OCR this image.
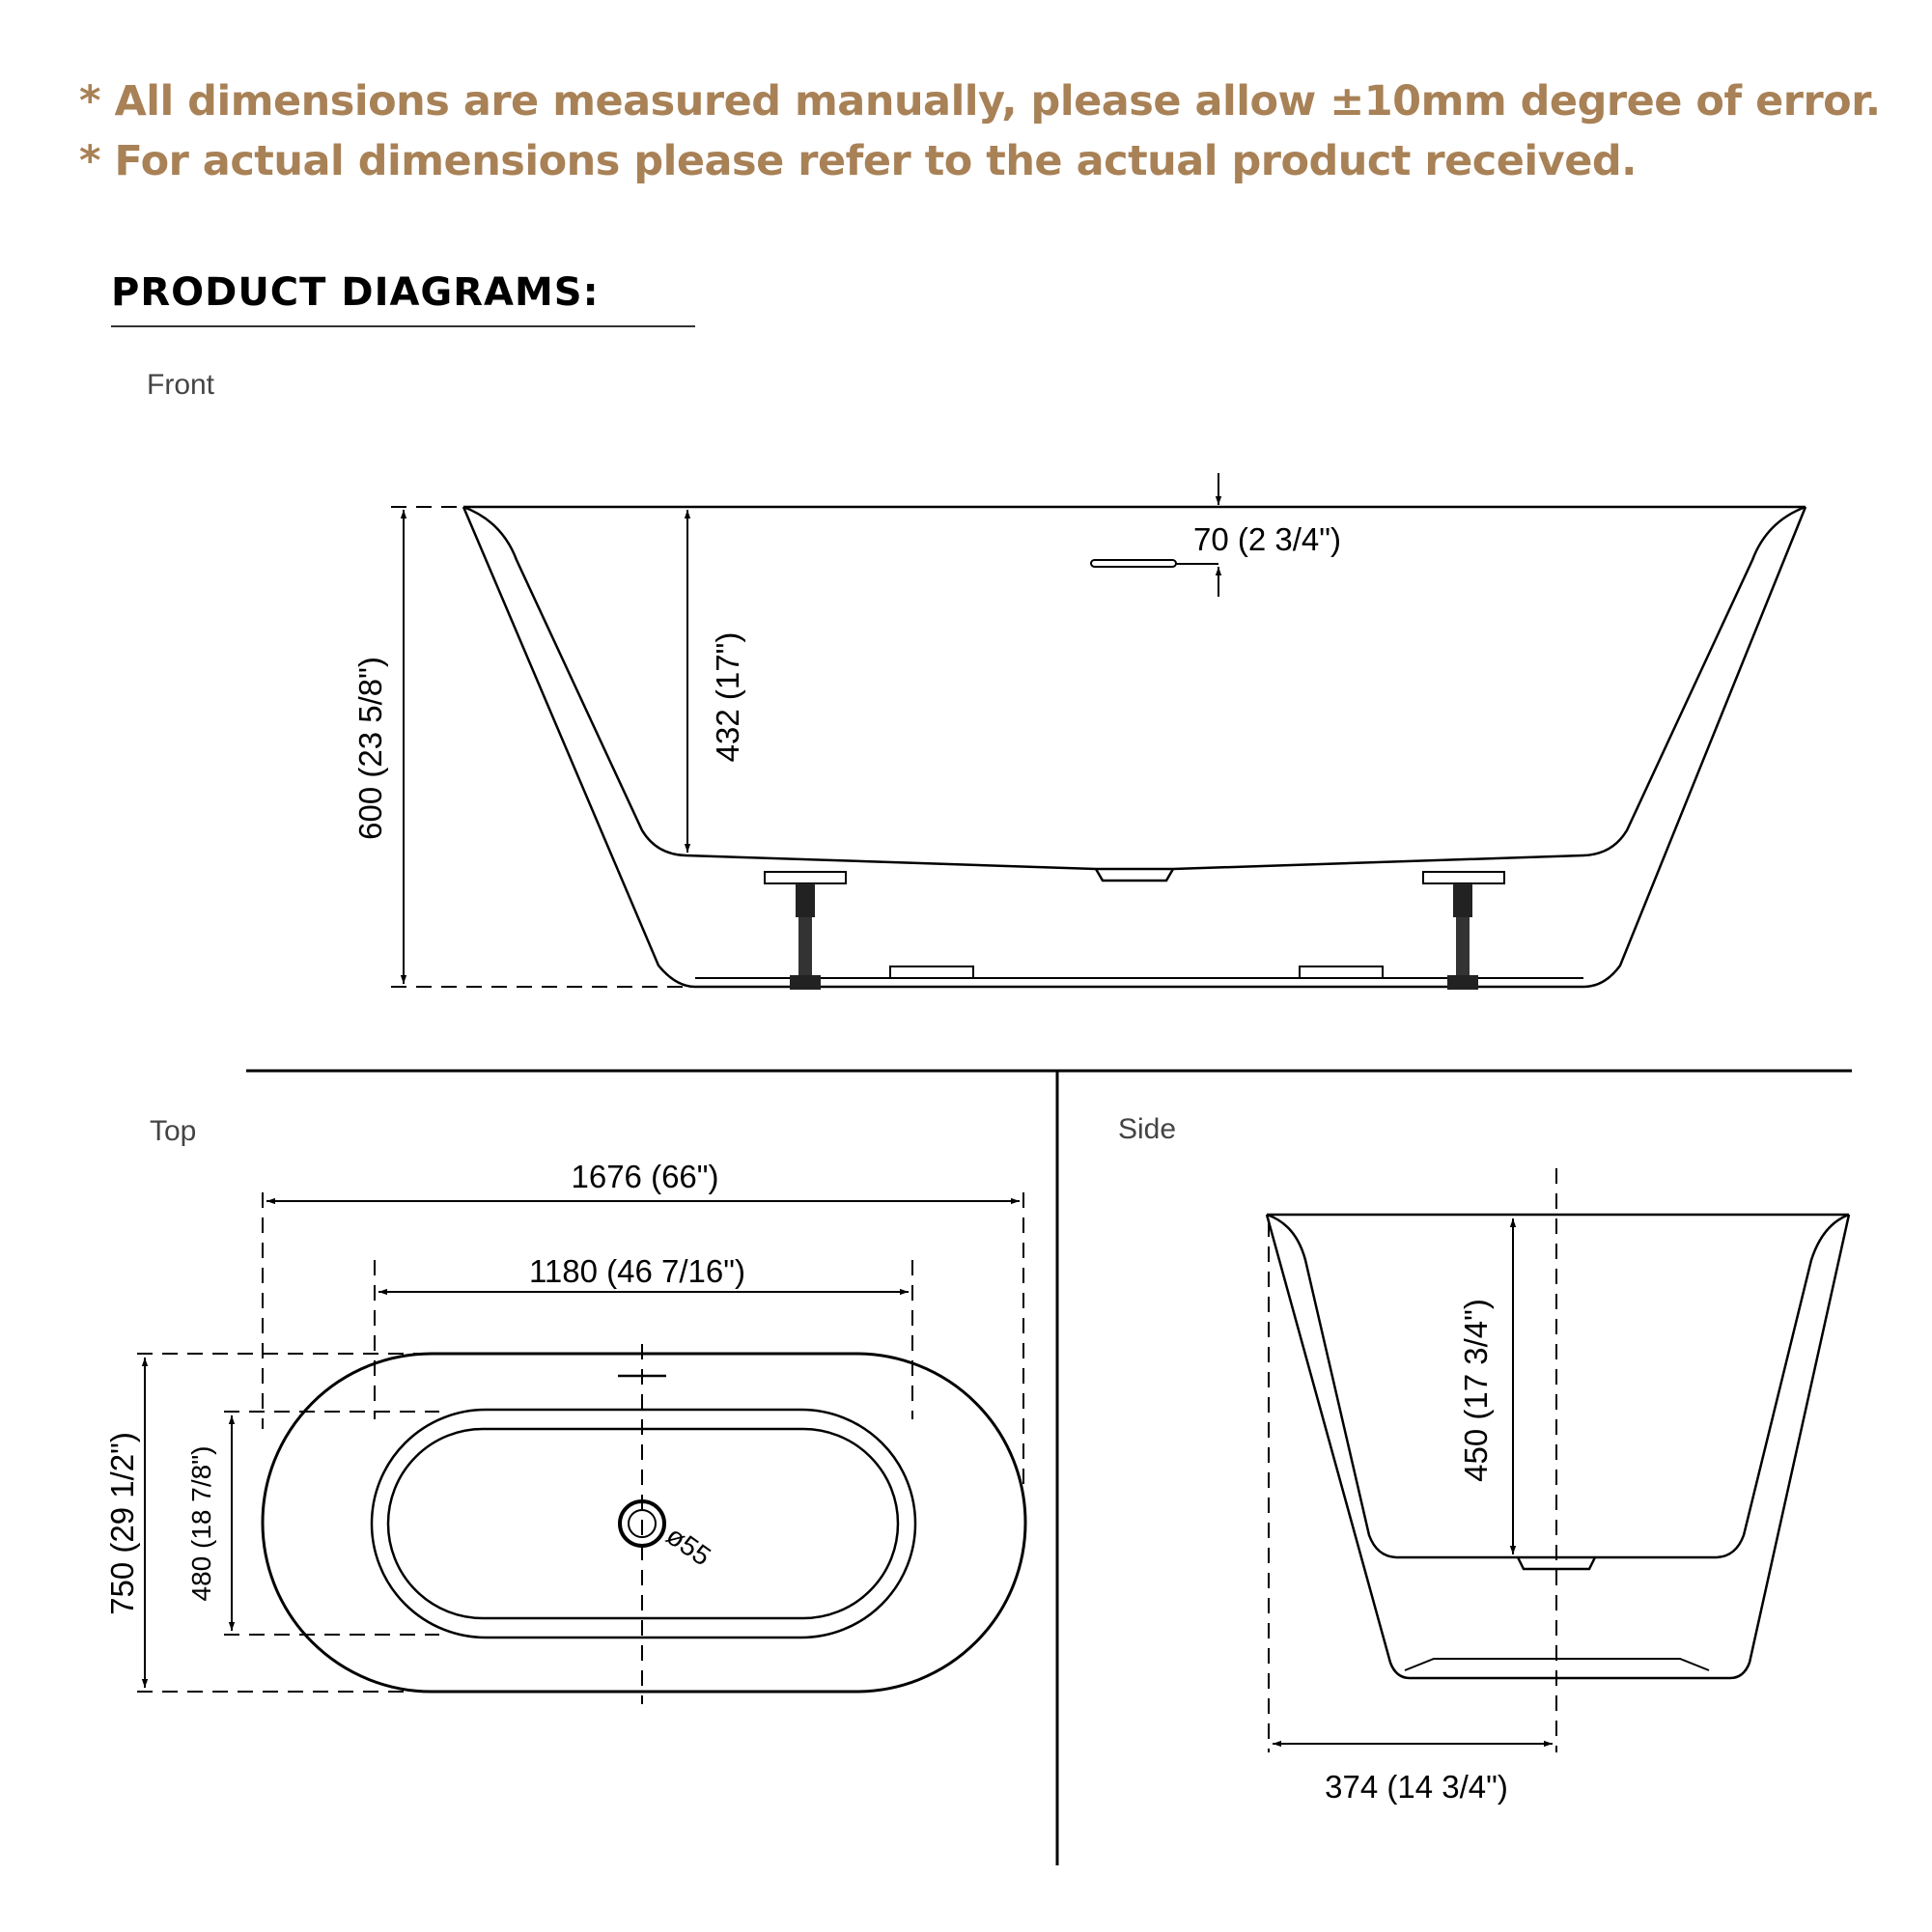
* All dimensions are measured manually, please allow ±10mm degree of error.
* For actual dimensions please refer to the actual product received.
PRODUCT DIAGRAMS:
Front
Top	Side
600 (23 5/8")	432 (17")
70 (2 3/4")
1676 (66")
1180 (46 7/16")
750 (29 1/2") 480 (18 7/8")	ø55
450 (17 3/4")
374 (14 3/4")
